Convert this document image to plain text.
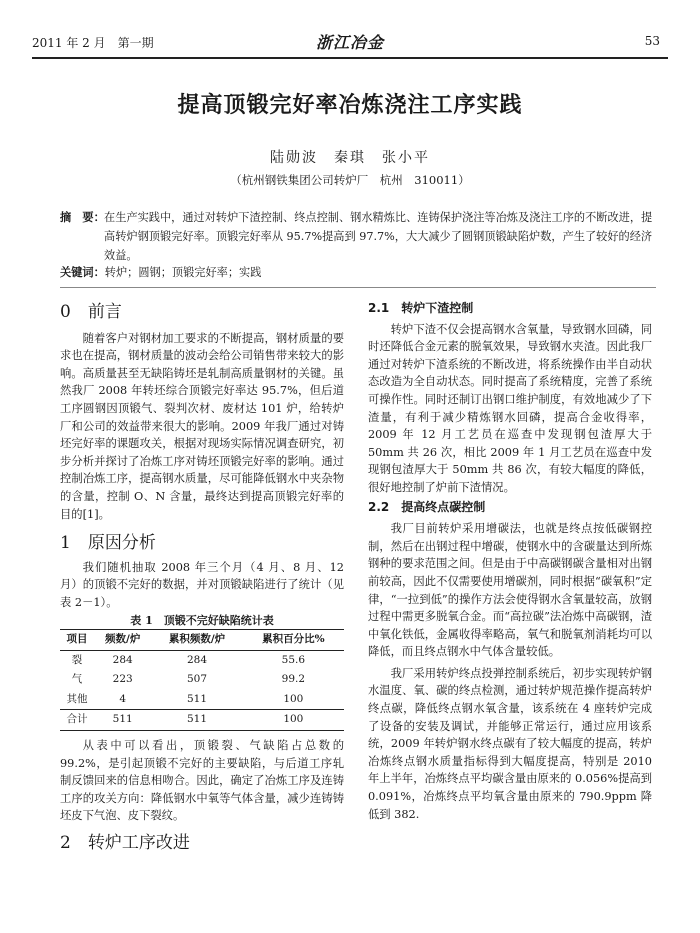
2011 年 2 月　第一期	浙江冶金	53
提高顶锻完好率冶炼浇注工序实践
陆勋波　秦琪　张小平
（杭州钢铁集团公司转炉厂　杭州　310011）
摘　要： 在生产实践中，通过对转炉下渣控制、终点控制、钢水精炼比、连铸保护浇注等冶炼及浇注工序的不断改进，提高转炉钢顶锻完好率。顶锻完好率从 95.7%提高到 97.7%，大大减少了圆钢顶锻缺陷炉数，产生了较好的经济效益。
关键词：转炉；圆钢；顶锻完好率；实践
0　前言

随着客户对钢材加工要求的不断提高，钢材质量的要求也在提高，钢材质量的波动会给公司销售带来较大的影响。高质量甚至无缺陷铸坯是轧制高质量钢材的关键。虽然我厂 2008 年转坯综合顶锻完好率达 95.7%，但后道工序圆钢因顶锻气、裂判次材、废材达 101 炉，给转炉厂和公司的效益带来很大的影响。2009 年我厂通过对铸坯完好率的课题攻关，根据对现场实际情况调查研究，初步分析并探讨了冶炼工序对铸坯顶锻完好率的影响。通过控制冶炼工序，提高钢水质量，尽可能降低钢水中夹杂物的含量，控制 O、N 含量，最终达到提高顶锻完好率的目的[1]。

1　原因分析

我们随机抽取 2008 年三个月（4 月、8 月、12 月）的顶锻不完好的数据，并对顶锻缺陷进行了统计（见表 2－1）。

表 1　顶锻不完好缺陷统计表
项目	频数/炉	累积频数/炉	累积百分比%
裂	284	284	55.6
气	223	507	99.2
其他	4	511	100
合计	511	511	100

从表中可以看出，顶锻裂、气缺陷占总数的 99.2%，是引起顶锻不完好的主要缺陷，与后道工序轧制反馈回来的信息相吻合。因此，确定了冶炼工序及连铸工序的攻关方向：降低钢水中氧等气体含量，减少连铸铸坯皮下气泡、皮下裂纹。

2　转炉工序改进
2.1　转炉下渣控制

转炉下渣不仅会提高钢水含氧量，导致钢水回磷，同时还降低合金元素的脱氧效果，导致钢水夹渣。因此我厂通过对转炉下渣系统的不断改进，将系统操作由半自动状态改造为全自动状态。同时提高了系统精度，完善了系统可操作性。同时还制订出钢口维护制度，有效地减少了下渣量，有利于减少精炼钢水回磷，提高合金收得率，2009 年 12 月工艺员在巡查中发现钢包渣厚大于 50mm 共 26 次，相比 2009 年 1 月工艺员在巡查中发现钢包渣厚大于 50mm 共 86 次，有较大幅度的降低，很好地控制了炉前下渣情况。

2.2　提高终点碳控制

我厂目前转炉采用增碳法，也就是终点按低碳钢控制，然后在出钢过程中增碳，使钢水中的含碳量达到所炼钢种的要求范围之间。但是由于中高碳钢碳含量相对出钢前较高，因此不仅需要使用增碳剂，同时根据“碳氧积”定律，“一拉到低”的操作方法会使得钢水含氧量较高，放钢过程中需更多脱氧合金。而“高拉碳”法冶炼中高碳钢，渣中氧化铁低，金属收得率略高，氧气和脱氧剂消耗均可以降低，而且终点钢水中气体含量较低。

我厂采用转炉终点投弹控制系统后，初步实现转炉钢水温度、氧、碳的终点检测，通过转炉规范操作提高转炉终点碳，降低终点钢水氧含量，该系统在 4 座转炉完成了设备的安装及调试，并能够正常运行，通过应用该系统，2009 年转炉钢水终点碳有了较大幅度的提高，转炉冶炼终点钢水质量指标得到大幅度提高，特别是 2010 年上半年，冶炼终点平均碳含量由原来的 0.056%提高到 0.091%，冶炼终点平均氧含量由原来的 790.9ppm 降低到 382.
